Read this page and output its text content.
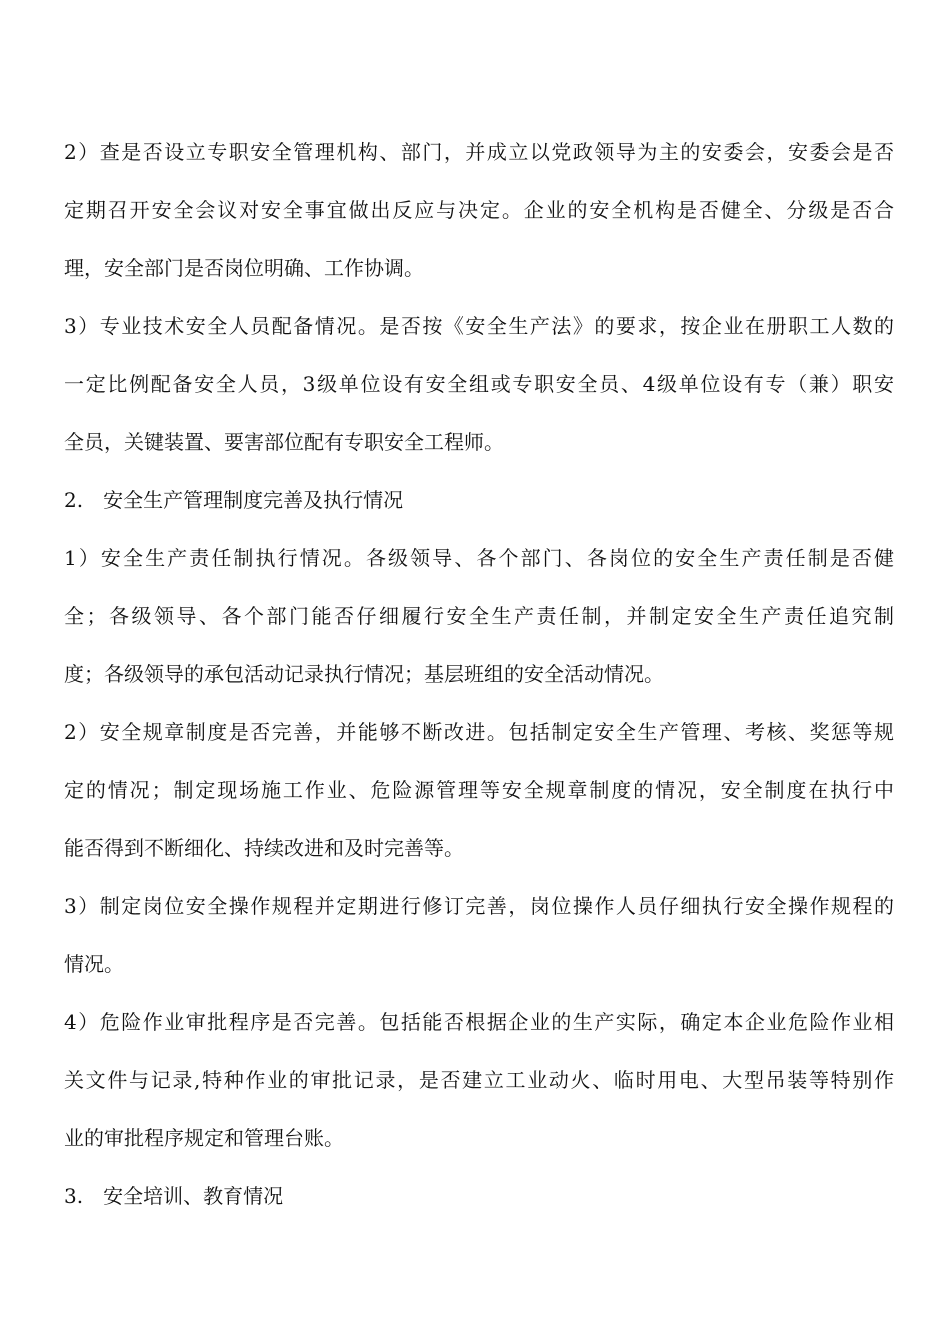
2）查是否设立专职安全管理机构、部门，并成立以党政领导为主的安委会，安委会是否
定期召开安全会议对安全事宜做出反应与决定。企业的安全机构是否健全、分级是否合
理，安全部门是否岗位明确、工作协调。
3）专业技术安全人员配备情况。是否按《安全生产法》的要求，按企业在册职工人数的
一定比例配备安全人员，3级单位设有安全组或专职安全员、4级单位设有专（兼）职安
全员，关键装置、要害部位配有专职安全工程师。
2.　安全生产管理制度完善及执行情况
1）安全生产责任制执行情况。各级领导、各个部门、各岗位的安全生产责任制是否健
全；各级领导、各个部门能否仔细履行安全生产责任制，并制定安全生产责任追究制
度；各级领导的承包活动记录执行情况；基层班组的安全活动情况。
2）安全规章制度是否完善，并能够不断改进。包括制定安全生产管理、考核、奖惩等规
定的情况；制定现场施工作业、危险源管理等安全规章制度的情况，安全制度在执行中
能否得到不断细化、持续改进和及时完善等。
3）制定岗位安全操作规程并定期进行修订完善，岗位操作人员仔细执行安全操作规程的
情况。
4）危险作业审批程序是否完善。包括能否根据企业的生产实际，确定本企业危险作业相
关文件与记录,特种作业的审批记录，是否建立工业动火、临时用电、大型吊装等特别作
业的审批程序规定和管理台账。
3.　安全培训、教育情况
